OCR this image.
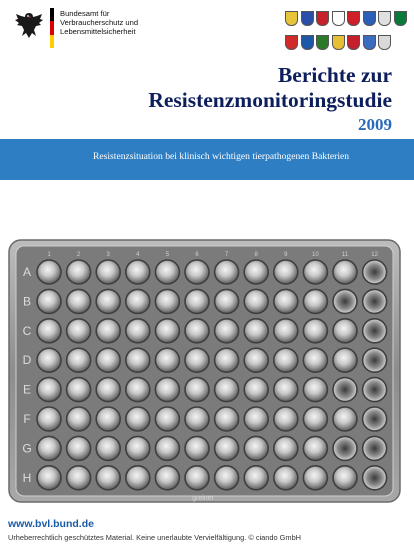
Bundesamt für
Verbraucherschutz und
Lebensmittelsicherheit
Berichte zur
Resistenzmonitoringstudie
2009
Resistenzsituation bei klinisch wichtigen tierpathogenen Bakterien
A
B
C
D
E
F
G
H
1	2	3	4	5	6	7	8	9	10	11	12
greiner
www.bvl.bund.de
Urheberrechtlich geschütztes Material. Keine unerlaubte Vervielfältigung. © ciando GmbH
